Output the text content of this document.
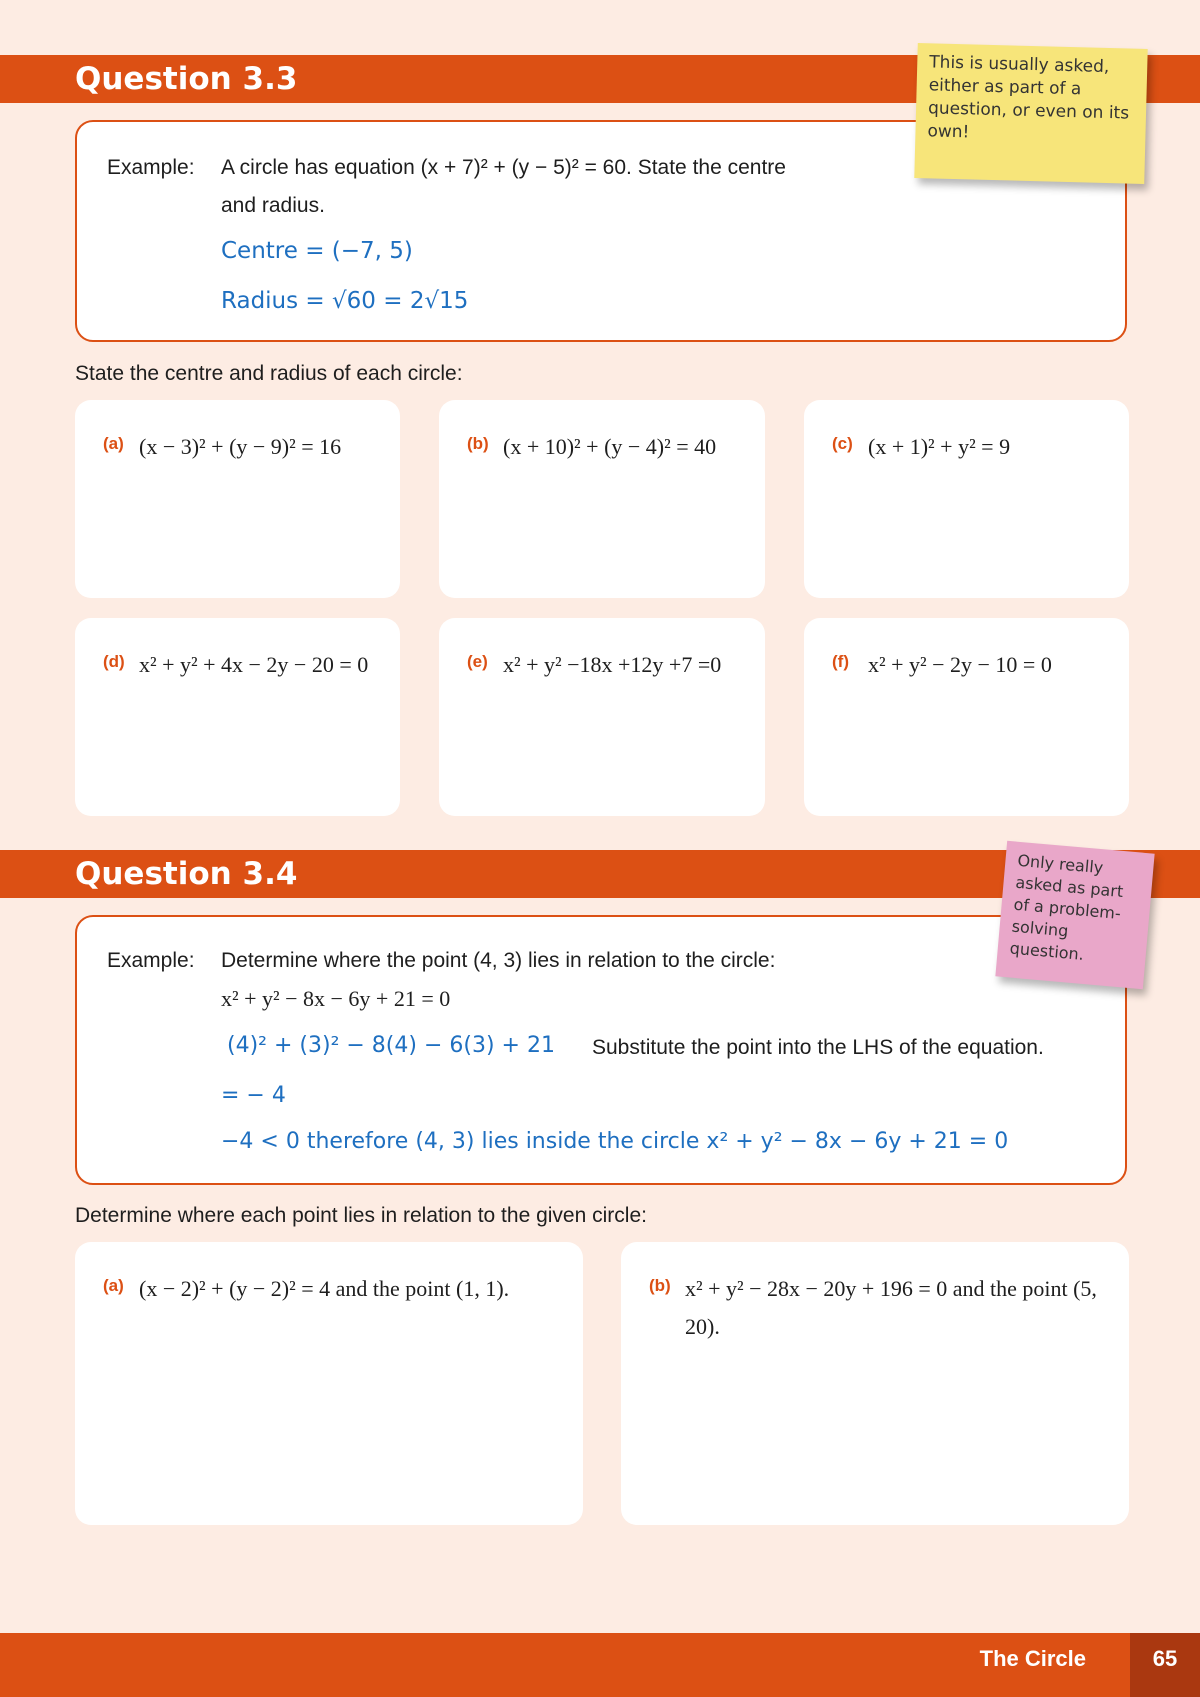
Question 3.3
Example: A circle has equation (x + 7)² + (y − 5)² = 60. State the centre
and radius.
Centre = (−7, 5)
Radius = √60 = 2√15
This is usually asked, either as part of a question, or even on its own!
State the centre and radius of each circle:
(a) (x − 3)² + (y − 9)² = 16	(b) (x + 10)² + (y − 4)² = 40	(c) (x + 1)² + y² = 9
(d) x² + y² + 4x − 2y − 20 = 0	(e) x² + y² −18x +12y +7 =0	(f) x² + y² − 2y − 10 = 0
Question 3.4
Example: Determine where the point (4, 3) lies in relation to the circle:
x² + y² − 8x − 6y + 21 = 0
(4)² + (3)² − 8(4) − 6(3) + 21 Substitute the point into the LHS of the equation.
= − 4
−4 < 0 therefore (4, 3) lies inside the circle x² + y² − 8x − 6y + 21 = 0
Only really asked as part of a problem-solving question.
Determine where each point lies in relation to the given circle:
(a) (x − 2)² + (y − 2)² = 4 and the point (1, 1).	(b) x² + y² − 28x − 20y + 196 = 0 and the point (5, 20).
The Circle	65
